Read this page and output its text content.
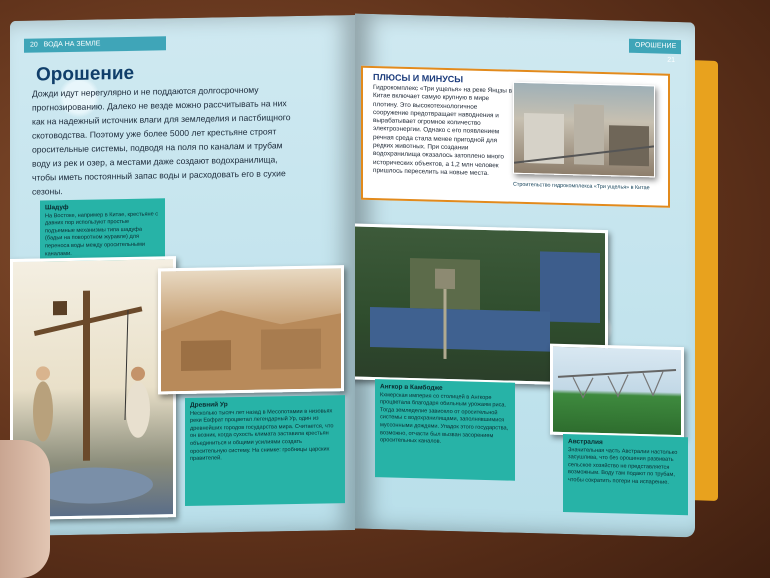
20 ВОДА НА ЗЕМЛЕ
Орошение
Дожди идут нерегулярно и не поддаются долгосрочному прогнозированию. Далеко не везде можно рассчитывать на них как на надежный источник влаги для земледелия и пастбищного скотоводства. Поэтому уже более 5000 лет крестьяне строят оросительные системы, подводя на поля по каналам и трубам воду из рек и озер, а местами даже создают водохранилища, чтобы иметь постоянный запас воды и расходовать его в сухие сезоны.
Шадуф
На Востоке, например в Китае, крестьяне с давних пор используют простые подъемные механизмы типа шадуфа (бадьи на поворотном журавле) для переноса воды между оросительными каналами.
Древний Ур
Несколько тысяч лет назад в Месопотамии в низовьях реки Евфрат процветал легендарный Ур, один из древнейших городов государства мира. Считается, что он возник, когда сухость климата заставила крестьян объединиться и общими усилиями создать оросительную систему. На снимке: гробницы царских правителей.
ОРОШЕНИЕ  21
ПЛЮСЫ И МИНУСЫ
Гидрокомплекс «Три ущелья» на реке Янцзы в Китае включает самую крупную в мире плотину. Это высокотехнологичное сооружение предотвращает наводнения и вырабатывает огромное количество электроэнергии. Однако с его появлением речная среда стала менее пригодной для редких животных. При создании водохранилища оказалось затоплено много исторических объектов, а 1,2 млн человек пришлось переселить на новые места.
Строительство гидрокомплекса «Три ущелья» в Китае
Ангкор в Камбодже
Кхмерская империя со столицей в Ангкоре процветала благодаря обильным урожаям риса. Тогда земледелие зависело от оросительной системы с водохранилищами, заполнявшимися муссонными дождями. Упадок этого государства, возможно, отчасти был вызван засорением оросительных каналов.	Австралия
Значительная часть Австралии настолько засушлива, что без орошения развивать сельское хозяйство не представляется возможным. Воду там подают по трубам, чтобы сократить потери на испарение.
